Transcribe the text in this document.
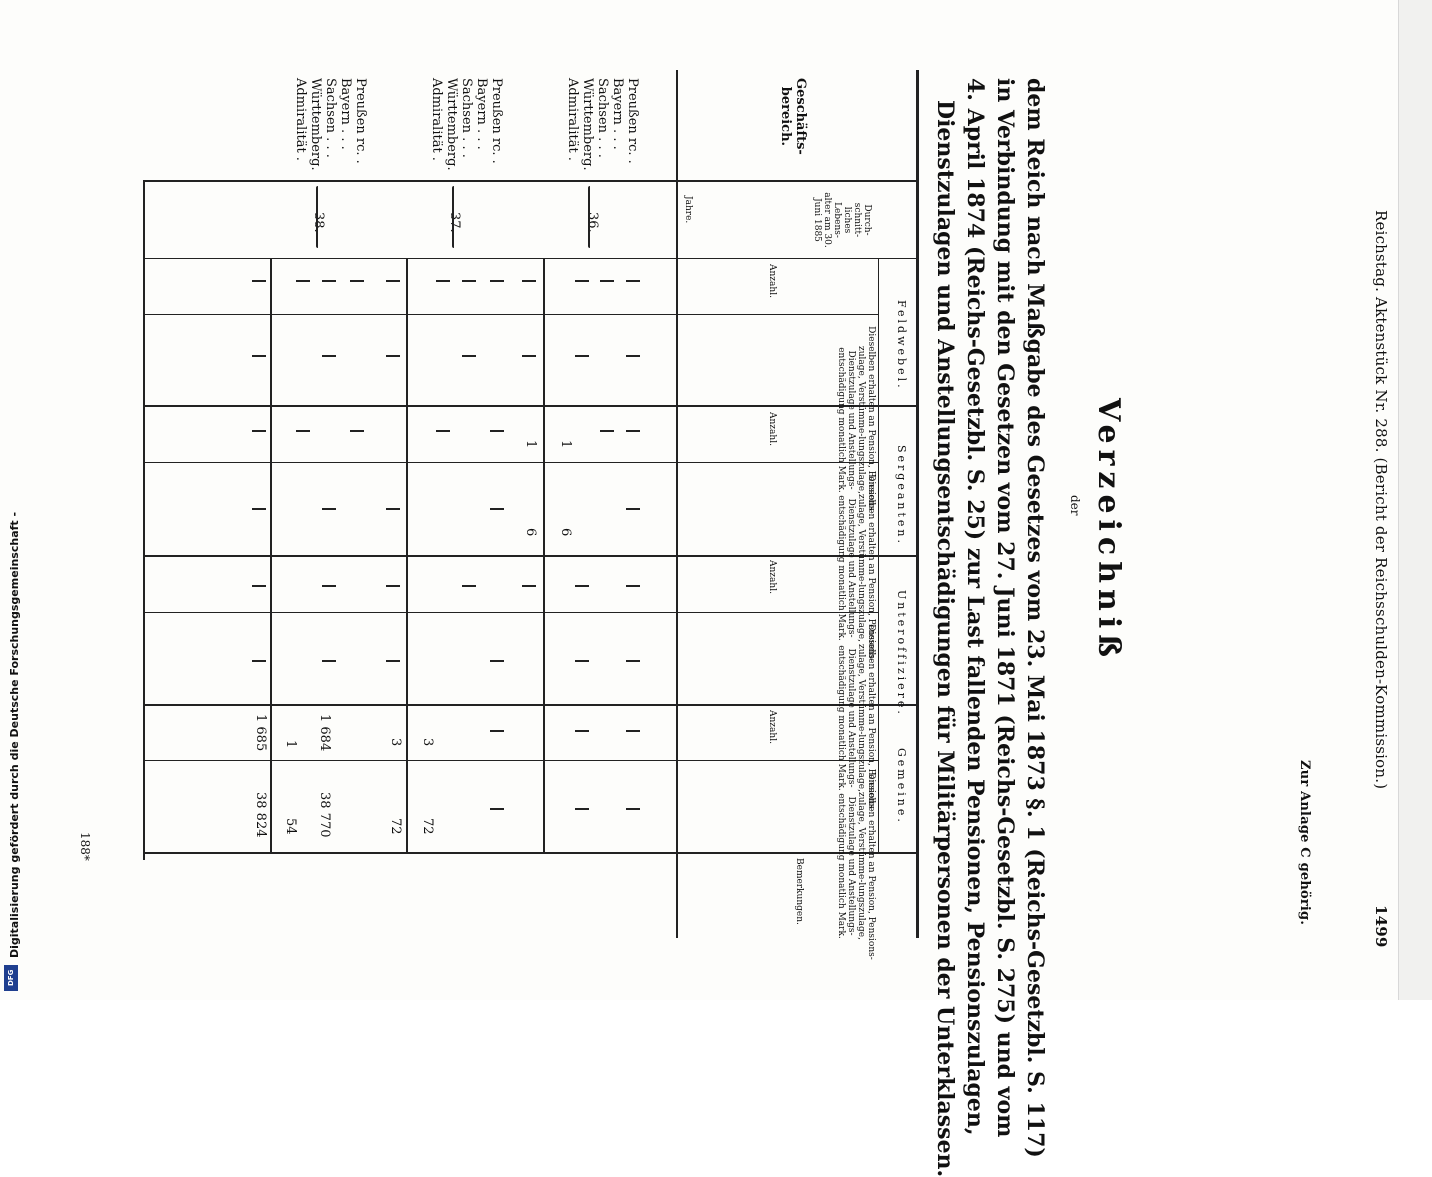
Reichstag. Aktenstück Nr. 288. (Bericht der Reichsschulden-Kommission.)
1499
Zur Anlage C gehörig.
Verzeichniß
der
dem Reich nach Maßgabe des Gesetzes vom 23. Mai 1873 §. 1 (Reichs-Gesetzbl. S. 117)
in Verbindung mit den Gesetzen vom 27. Juni 1871 (Reichs-Gesetzbl. S. 275) und vom
4. April 1874 (Reichs-Gesetzbl. S. 25) zur Last fallenden Pensionen, Pensionszulagen,
Dienstzulagen und Anstellungsentschädigungen für Militärpersonen der Unterklassen.
Geschäfts-
bereich.
Durch- schnitt- liches Lebens- alter am 30. Juni 1885
Jahre.
Feldwebel.
Sergeanten.
Unteroffiziere.
Gemeine.
Bemerkungen.
Anzahl.
Anzahl.
Anzahl.
Anzahl.
Dieselben erhalten an Pension, Pensions-zulage, Verstümme-lungszulage, Dienstzulage und Anstellungs-entschädigung monatlich Mark.
Dieselben erhalten an Pension, Pensions-zulage, Verstümme-lungszulage, Dienstzulage und Anstellungs-entschädigung monatlich Mark.
Dieselben erhalten an Pension, Pensions-zulage, Verstümme-lungszulage, Dienstzulage und Anstellungs-entschädigung monatlich Mark.
Dieselben erhalten an Pension, Pensions-zulage, Verstümme-lungszulage, Dienstzulage und Anstellungs-entschädigung monatlich Mark.
Preußen rc. .
Bayern . . .
Sachsen . . .
Württemberg.
Admiralität .
36.
Preußen rc. .
Bayern . . .
Sachsen . . .
Württemberg.
Admiralität .
37.
Preußen rc. .
Bayern . . .
Sachsen . . .
Württemberg.
Admiralität .
38.
1
6
1
6
3
72
3
72
1 684
38 770
1
54
1 685
38 824
188*
Digitalisierung gefördert durch die Deutsche Forschungsgemeinschaft -
DFG
